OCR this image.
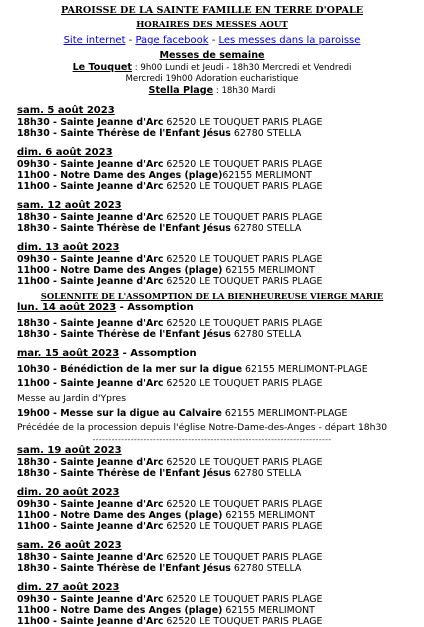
PAROISSE DE LA SAINTE FAMILLE EN TERRE D'OPALE
HORAIRES DES MESSES AOUT
Site internet - Page facebook - Les messes dans la paroisse
Messes de semaine
Le Touquet : 9h00 Lundi et Jeudi - 18h30 Mercredi et Vendredi
Mercredi 19h00 Adoration eucharistique
Stella Plage : 18h30 Mardi
sam. 5 août 2023
18h30 - Sainte Jeanne d'Arc 62520 LE TOUQUET PARIS PLAGE
18h30 - Sainte Thérèse de l'Enfant Jésus 62780 STELLA
dim. 6 août 2023
09h30 - Sainte Jeanne d'Arc 62520 LE TOUQUET PARIS PLAGE
11h00 - Notre Dame des Anges (plage)62155 MERLIMONT
11h00 - Sainte Jeanne d'Arc 62520 LE TOUQUET PARIS PLAGE
sam. 12 août 2023
18h30 - Sainte Jeanne d'Arc 62520 LE TOUQUET PARIS PLAGE
18h30 - Sainte Thérèse de l'Enfant Jésus 62780 STELLA
dim. 13 août 2023
09h30 - Sainte Jeanne d'Arc 62520 LE TOUQUET PARIS PLAGE
11h00 - Notre Dame des Anges (plage) 62155 MERLIMONT
11h00 - Sainte Jeanne d'Arc 62520 LE TOUQUET PARIS PLAGE
SOLENNITE DE L'ASSOMPTION DE LA BIENHEUREUSE VIERGE MARIE
lun. 14 août 2023 - Assomption
18h30 - Sainte Jeanne d'Arc 62520 LE TOUQUET PARIS PLAGE
18h30 - Sainte Thérèse de l'Enfant Jésus 62780 STELLA
mar. 15 août 2023 - Assomption
10h30 - Bénédiction de la mer sur la digue 62155 MERLIMONT-PLAGE
11h00 - Sainte Jeanne d'Arc 62520 LE TOUQUET PARIS PLAGE
Messe au Jardin d'Ypres
19h00 - Messe sur la digue au Calvaire 62155 MERLIMONT-PLAGE
Précédée de la procession depuis l'église Notre-Dame-des-Anges - départ 18h30
---------------------------------------------------------------------------
sam. 19 août 2023
18h30 - Sainte Jeanne d'Arc 62520 LE TOUQUET PARIS PLAGE
18h30 - Sainte Thérèse de l'Enfant Jésus 62780 STELLA
dim. 20 août 2023
09h30 - Sainte Jeanne d'Arc 62520 LE TOUQUET PARIS PLAGE
11h00 - Notre Dame des Anges (plage) 62155 MERLIMONT
11h00 - Sainte Jeanne d'Arc 62520 LE TOUQUET PARIS PLAGE
sam. 26 août 2023
18h30 - Sainte Jeanne d'Arc 62520 LE TOUQUET PARIS PLAGE
18h30 - Sainte Thérèse de l'Enfant Jésus 62780 STELLA
dim. 27 août 2023
09h30 - Sainte Jeanne d'Arc 62520 LE TOUQUET PARIS PLAGE
11h00 - Notre Dame des Anges (plage) 62155 MERLIMONT
11h00 - Sainte Jeanne d'Arc 62520 LE TOUQUET PARIS PLAGE
